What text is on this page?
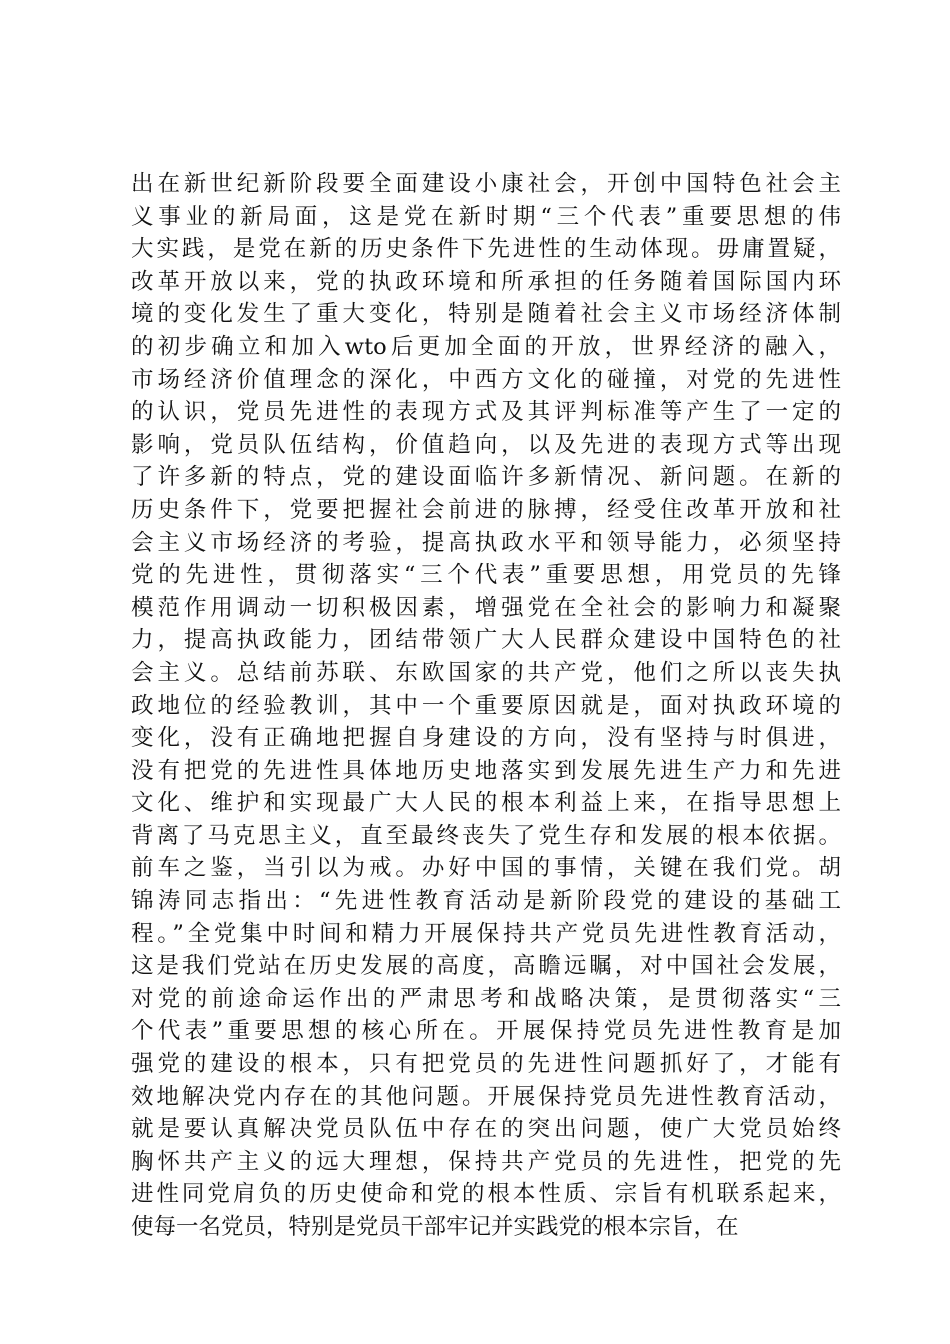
出在新世纪新阶段要全面建设小康社会，开创中国特色社会主
义事业的新局面，这是党在新时期“三个代表”重要思想的伟
大实践，是党在新的历史条件下先进性的生动体现。毋庸置疑，
改革开放以来，党的执政环境和所承担的任务随着国际国内环
境的变化发生了重大变化，特别是随着社会主义市场经济体制
的初步确立和加入wto后更加全面的开放，世界经济的融入，
市场经济价值理念的深化，中西方文化的碰撞，对党的先进性
的认识，党员先进性的表现方式及其评判标准等产生了一定的
影响，党员队伍结构，价值趋向，以及先进的表现方式等出现
了许多新的特点，党的建设面临许多新情况、新问题。在新的
历史条件下，党要把握社会前进的脉搏，经受住改革开放和社
会主义市场经济的考验，提高执政水平和领导能力，必须坚持
党的先进性，贯彻落实“三个代表”重要思想，用党员的先锋
模范作用调动一切积极因素，增强党在全社会的影响力和凝聚
力，提高执政能力，团结带领广大人民群众建设中国特色的社
会主义。总结前苏联、东欧国家的共产党，他们之所以丧失执
政地位的经验教训，其中一个重要原因就是，面对执政环境的
变化，没有正确地把握自身建设的方向，没有坚持与时俱进，
没有把党的先进性具体地历史地落实到发展先进生产力和先进
文化、维护和实现最广大人民的根本利益上来，在指导思想上
背离了马克思主义，直至最终丧失了党生存和发展的根本依据。
前车之鉴，当引以为戒。办好中国的事情，关键在我们党。胡
锦涛同志指出：“先进性教育活动是新阶段党的建设的基础工
程。”全党集中时间和精力开展保持共产党员先进性教育活动，
这是我们党站在历史发展的高度，高瞻远瞩，对中国社会发展，
对党的前途命运作出的严肃思考和战略决策，是贯彻落实“三
个代表”重要思想的核心所在。开展保持党员先进性教育是加
强党的建设的根本，只有把党员的先进性问题抓好了，才能有
效地解决党内存在的其他问题。开展保持党员先进性教育活动，
就是要认真解决党员队伍中存在的突出问题，使广大党员始终
胸怀共产主义的远大理想，保持共产党员的先进性，把党的先
进性同党肩负的历史使命和党的根本性质、宗旨有机联系起来，
使每一名党员，特别是党员干部牢记并实践党的根本宗旨，在
